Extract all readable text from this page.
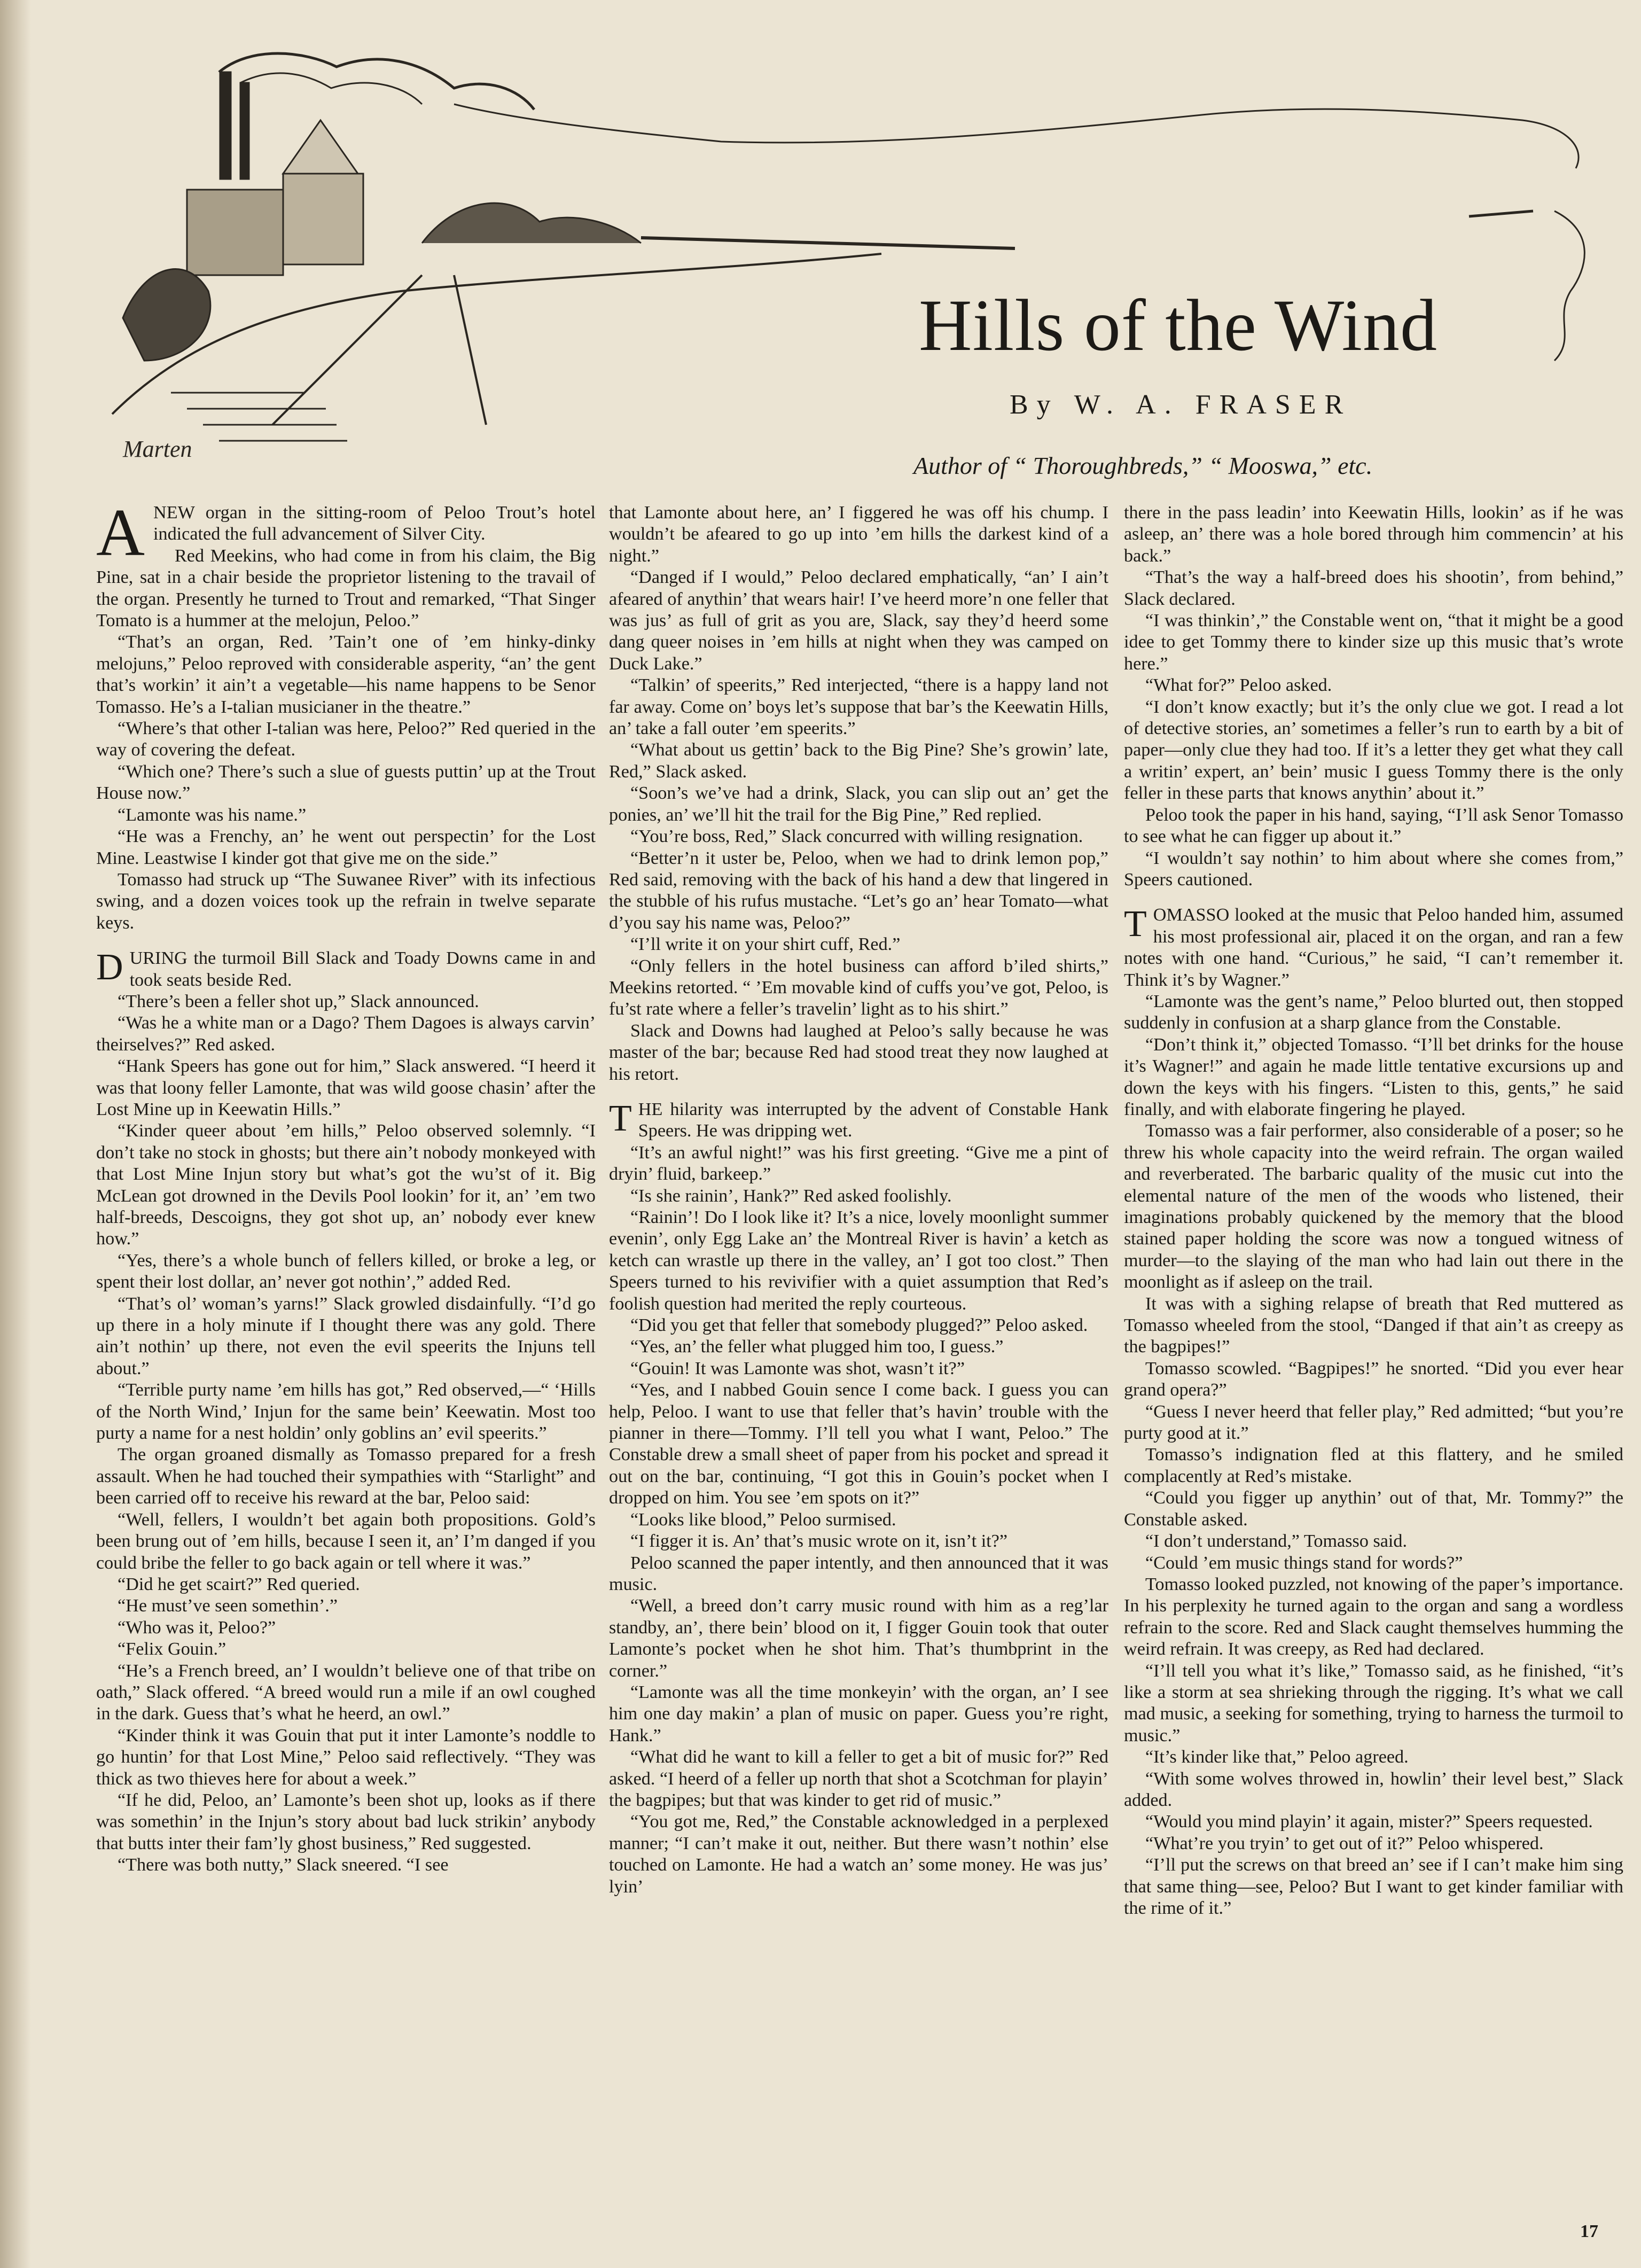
Marten
Hills of the Wind
By W. A. FRASER
Author of “ Thoroughbreds,” “ Mooswa,” etc.

ANEW organ in the sitting-room of Peloo Trout’s hotel indicated the full advancement of Silver City.

Red Meekins, who had come in from his claim, the Big Pine, sat in a chair beside the proprietor listening to the travail of the organ. Presently he turned to Trout and remarked, “That Singer Tomato is a hummer at the melojun, Peloo.”

“That’s an organ, Red. ’Tain’t one of ’em hinky-dinky melojuns,” Peloo reproved with considerable asperity, “an’ the gent that’s workin’ it ain’t a vegetable—his name happens to be Senor Tomasso. He’s a I-talian musicianer in the theatre.”

“Where’s that other I-talian was here, Peloo?” Red queried in the way of covering the defeat.

“Which one? There’s such a slue of guests puttin’ up at the Trout House now.”

“Lamonte was his name.”

“He was a Frenchy, an’ he went out perspectin’ for the Lost Mine. Leastwise I kinder got that give me on the side.”

Tomasso had struck up “The Suwanee River” with its infectious swing, and a dozen voices took up the refrain in twelve separate keys.

DURING the turmoil Bill Slack and Toady Downs came in and took seats beside Red.

“There’s been a feller shot up,” Slack announced.

“Was he a white man or a Dago? Them Dagoes is always carvin’ theirselves?” Red asked.

“Hank Speers has gone out for him,” Slack answered. “I heerd it was that loony feller Lamonte, that was wild goose chasin’ after the Lost Mine up in Keewatin Hills.”

“Kinder queer about ’em hills,” Peloo observed solemnly. “I don’t take no stock in ghosts; but there ain’t nobody monkeyed with that Lost Mine Injun story but what’s got the wu’st of it. Big McLean got drowned in the Devils Pool lookin’ for it, an’ ’em two half-breeds, Descoigns, they got shot up, an’ nobody ever knew how.”

“Yes, there’s a whole bunch of fellers killed, or broke a leg, or spent their lost dollar, an’ never got nothin’,” added Red.

“That’s ol’ woman’s yarns!” Slack growled disdainfully. “I’d go up there in a holy minute if I thought there was any gold. There ain’t nothin’ up there, not even the evil speerits the Injuns tell about.”

“Terrible purty name ’em hills has got,” Red observed,—“ ‘Hills of the North Wind,’ Injun for the same bein’ Keewatin. Most too purty a name for a nest holdin’ only goblins an’ evil speerits.”

The organ groaned dismally as Tomasso prepared for a fresh assault. When he had touched their sympathies with “Starlight” and been carried off to receive his reward at the bar, Peloo said:

“Well, fellers, I wouldn’t bet again both propositions. Gold’s been brung out of ’em hills, because I seen it, an’ I’m danged if you could bribe the feller to go back again or tell where it was.”

“Did he get scairt?” Red queried.

“He must’ve seen somethin’.”

“Who was it, Peloo?”

“Felix Gouin.”

“He’s a French breed, an’ I wouldn’t believe one of that tribe on oath,” Slack offered. “A breed would run a mile if an owl coughed in the dark. Guess that’s what he heerd, an owl.”

“Kinder think it was Gouin that put it inter Lamonte’s noddle to go huntin’ for that Lost Mine,” Peloo said reflectively. “They was thick as two thieves here for about a week.”

“If he did, Peloo, an’ Lamonte’s been shot up, looks as if there was somethin’ in the Injun’s story about bad luck strikin’ anybody that butts inter their fam’ly ghost business,” Red suggested.

“There was both nutty,” Slack sneered. “I see

that Lamonte about here, an’ I figgered he was off his chump. I wouldn’t be afeared to go up into ’em hills the darkest kind of a night.”

“Danged if I would,” Peloo declared emphatically, “an’ I ain’t afeared of anythin’ that wears hair! I’ve heerd more’n one feller that was jus’ as full of grit as you are, Slack, say they’d heerd some dang queer noises in ’em hills at night when they was camped on Duck Lake.”

“Talkin’ of speerits,” Red interjected, “there is a happy land not far away. Come on’ boys let’s suppose that bar’s the Keewatin Hills, an’ take a fall outer ’em speerits.”

“What about us gettin’ back to the Big Pine? She’s growin’ late, Red,” Slack asked.

“Soon’s we’ve had a drink, Slack, you can slip out an’ get the ponies, an’ we’ll hit the trail for the Big Pine,” Red replied.

“You’re boss, Red,” Slack concurred with willing resignation.

“Better’n it uster be, Peloo, when we had to drink lemon pop,” Red said, removing with the back of his hand a dew that lingered in the stubble of his rufus mustache. “Let’s go an’ hear Tomato—what d’you say his name was, Peloo?”

“I’ll write it on your shirt cuff, Red.”

“Only fellers in the hotel business can afford b’iled shirts,” Meekins retorted. “ ’Em movable kind of cuffs you’ve got, Peloo, is fu’st rate where a feller’s travelin’ light as to his shirt.”

Slack and Downs had laughed at Peloo’s sally because he was master of the bar; because Red had stood treat they now laughed at his retort.

THE hilarity was interrupted by the advent of Constable Hank Speers. He was dripping wet.

“It’s an awful night!” was his first greeting. “Give me a pint of dryin’ fluid, barkeep.”

“Is she rainin’, Hank?” Red asked foolishly.

“Rainin’! Do I look like it? It’s a nice, lovely moonlight summer evenin’, only Egg Lake an’ the Montreal River is havin’ a ketch as ketch can wrastle up there in the valley, an’ I got too clost.” Then Speers turned to his revivifier with a quiet assumption that Red’s foolish question had merited the reply courteous.

“Did you get that feller that somebody plugged?” Peloo asked.

“Yes, an’ the feller what plugged him too, I guess.”

“Gouin! It was Lamonte was shot, wasn’t it?”

“Yes, and I nabbed Gouin sence I come back. I guess you can help, Peloo. I want to use that feller that’s havin’ trouble with the pianner in there—Tommy. I’ll tell you what I want, Peloo.” The Constable drew a small sheet of paper from his pocket and spread it out on the bar, continuing, “I got this in Gouin’s pocket when I dropped on him. You see ’em spots on it?”

“Looks like blood,” Peloo surmised.

“I figger it is. An’ that’s music wrote on it, isn’t it?”

Peloo scanned the paper intently, and then announced that it was music.

“Well, a breed don’t carry music round with him as a reg’lar standby, an’, there bein’ blood on it, I figger Gouin took that outer Lamonte’s pocket when he shot him. That’s thumbprint in the corner.”

“Lamonte was all the time monkeyin’ with the organ, an’ I see him one day makin’ a plan of music on paper. Guess you’re right, Hank.”

“What did he want to kill a feller to get a bit of music for?” Red asked. “I heerd of a feller up north that shot a Scotchman for playin’ the bagpipes; but that was kinder to get rid of music.”

“You got me, Red,” the Constable acknowledged in a perplexed manner; “I can’t make it out, neither. But there wasn’t nothin’ else touched on Lamonte. He had a watch an’ some money. He was jus’ lyin’

there in the pass leadin’ into Keewatin Hills, lookin’ as if he was asleep, an’ there was a hole bored through him commencin’ at his back.”

“That’s the way a half-breed does his shootin’, from behind,” Slack declared.

“I was thinkin’,” the Constable went on, “that it might be a good idee to get Tommy there to kinder size up this music that’s wrote here.”

“What for?” Peloo asked.

“I don’t know exactly; but it’s the only clue we got. I read a lot of detective stories, an’ sometimes a feller’s run to earth by a bit of paper—only clue they had too. If it’s a letter they get what they call a writin’ expert, an’ bein’ music I guess Tommy there is the only feller in these parts that knows anythin’ about it.”

Peloo took the paper in his hand, saying, “I’ll ask Senor Tomasso to see what he can figger up about it.”

“I wouldn’t say nothin’ to him about where she comes from,” Speers cautioned.

TOMASSO looked at the music that Peloo handed him, assumed his most professional air, placed it on the organ, and ran a few notes with one hand. “Curious,” he said, “I can’t remember it. Think it’s by Wagner.”

“Lamonte was the gent’s name,” Peloo blurted out, then stopped suddenly in confusion at a sharp glance from the Constable.

“Don’t think it,” objected Tomasso. “I’ll bet drinks for the house it’s Wagner!” and again he made little tentative excursions up and down the keys with his fingers. “Listen to this, gents,” he said finally, and with elaborate fingering he played.

Tomasso was a fair performer, also considerable of a poser; so he threw his whole capacity into the weird refrain. The organ wailed and reverberated. The barbaric quality of the music cut into the elemental nature of the men of the woods who listened, their imaginations probably quickened by the memory that the blood stained paper holding the score was now a tongued witness of murder—to the slaying of the man who had lain out there in the moonlight as if asleep on the trail.

It was with a sighing relapse of breath that Red muttered as Tomasso wheeled from the stool, “Danged if that ain’t as creepy as the bagpipes!”

Tomasso scowled. “Bagpipes!” he snorted. “Did you ever hear grand opera?”

“Guess I never heerd that feller play,” Red admitted; “but you’re purty good at it.”

Tomasso’s indignation fled at this flattery, and he smiled complacently at Red’s mistake.

“Could you figger up anythin’ out of that, Mr. Tommy?” the Constable asked.

“I don’t understand,” Tomasso said.

“Could ’em music things stand for words?”

Tomasso looked puzzled, not knowing of the paper’s importance. In his perplexity he turned again to the organ and sang a wordless refrain to the score. Red and Slack caught themselves humming the weird refrain. It was creepy, as Red had declared.

“I’ll tell you what it’s like,” Tomasso said, as he finished, “it’s like a storm at sea shrieking through the rigging. It’s what we call mad music, a seeking for something, trying to harness the turmoil to music.”

“It’s kinder like that,” Peloo agreed.

“With some wolves throwed in, howlin’ their level best,” Slack added.

“Would you mind playin’ it again, mister?” Speers requested.

“What’re you tryin’ to get out of it?” Peloo whispered.

“I’ll put the screws on that breed an’ see if I can’t make him sing that same thing—see, Peloo? But I want to get kinder familiar with the rime of it.”

17
